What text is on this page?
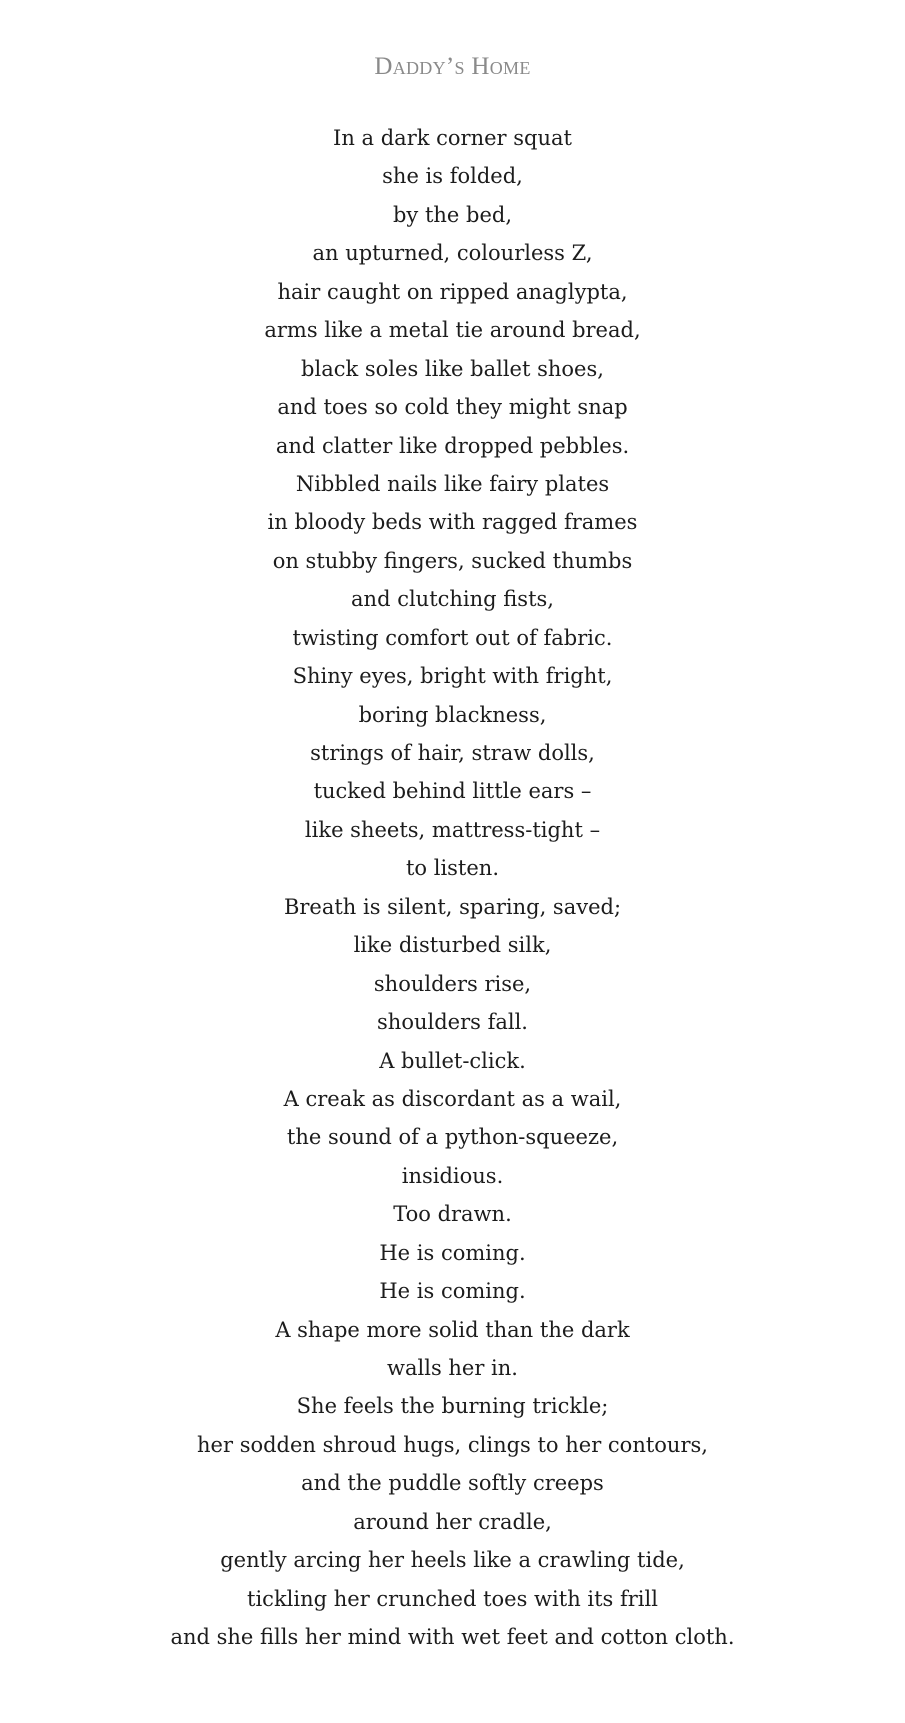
Daddy’s Home
In a dark corner squat
she is folded,
by the bed,
an upturned, colourless Z,
hair caught on ripped anaglypta,
arms like a metal tie around bread,
black soles like ballet shoes,
and toes so cold they might snap
and clatter like dropped pebbles.
Nibbled nails like fairy plates
in bloody beds with ragged frames
on stubby fingers, sucked thumbs
and clutching fists,
twisting comfort out of fabric.
Shiny eyes, bright with fright,
boring blackness,
strings of hair, straw dolls,
tucked behind little ears –
like sheets, mattress-tight –
to listen.
Breath is silent, sparing, saved;
like disturbed silk,
shoulders rise,
shoulders fall.
A bullet-click.
A creak as discordant as a wail,
the sound of a python-squeeze,
insidious.
Too drawn.
He is coming.
He is coming.
A shape more solid than the dark
walls her in.
She feels the burning trickle;
her sodden shroud hugs, clings to her contours,
and the puddle softly creeps
around her cradle,
gently arcing her heels like a crawling tide,
tickling her crunched toes with its frill
and she fills her mind with wet feet and cotton cloth.
